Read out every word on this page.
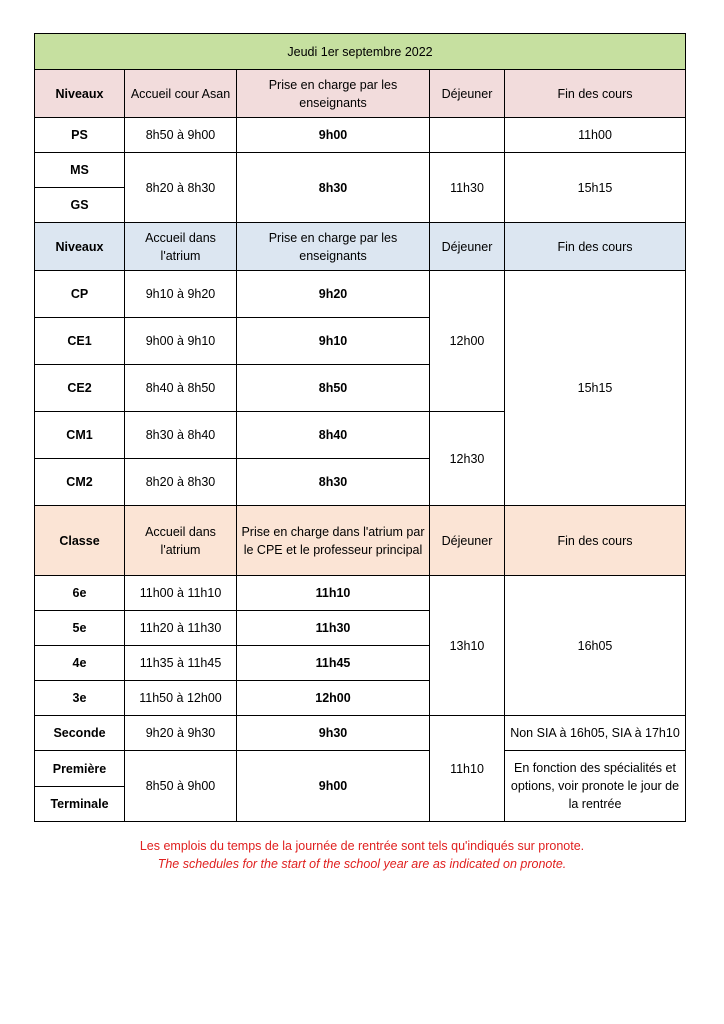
Jeudi 1er septembre 2022				
Niveaux	Accueil cour Asan	Prise en charge par les enseignants	Déjeuner	Fin des cours
PS	8h50 à 9h00	9h00		11h00
MS	8h20 à 8h30	8h30	11h30	15h15
GS				
Niveaux	Accueil dans l'atrium	Prise en charge par les enseignants	Déjeuner	Fin des cours
CP	9h10 à 9h20	9h20	12h00	15h15
CE1	9h00 à 9h10	9h10		
CE2	8h40 à 8h50	8h50		
CM1	8h30 à 8h40	8h40	12h30	
CM2	8h20 à 8h30	8h30		
Classe	Accueil dans l'atrium	Prise en charge dans l'atrium par le CPE et le professeur principal	Déjeuner	Fin des cours
6e	11h00 à 11h10	11h10	13h10	16h05
5e	11h20 à 11h30	11h30		
4e	11h35 à 11h45	11h45		
3e	11h50 à 12h00	12h00		
Seconde	9h20 à 9h30	9h30	11h10	Non SIA à 16h05, SIA à 17h10
Première	8h50 à 9h00	9h00		En fonction des spécialités et options, voir pronote le jour de la rentrée
Terminale				
Les emplois du temps de la journée de rentrée sont tels qu'indiqués sur pronote.
The schedules for the start of the school year are as indicated on pronote.
